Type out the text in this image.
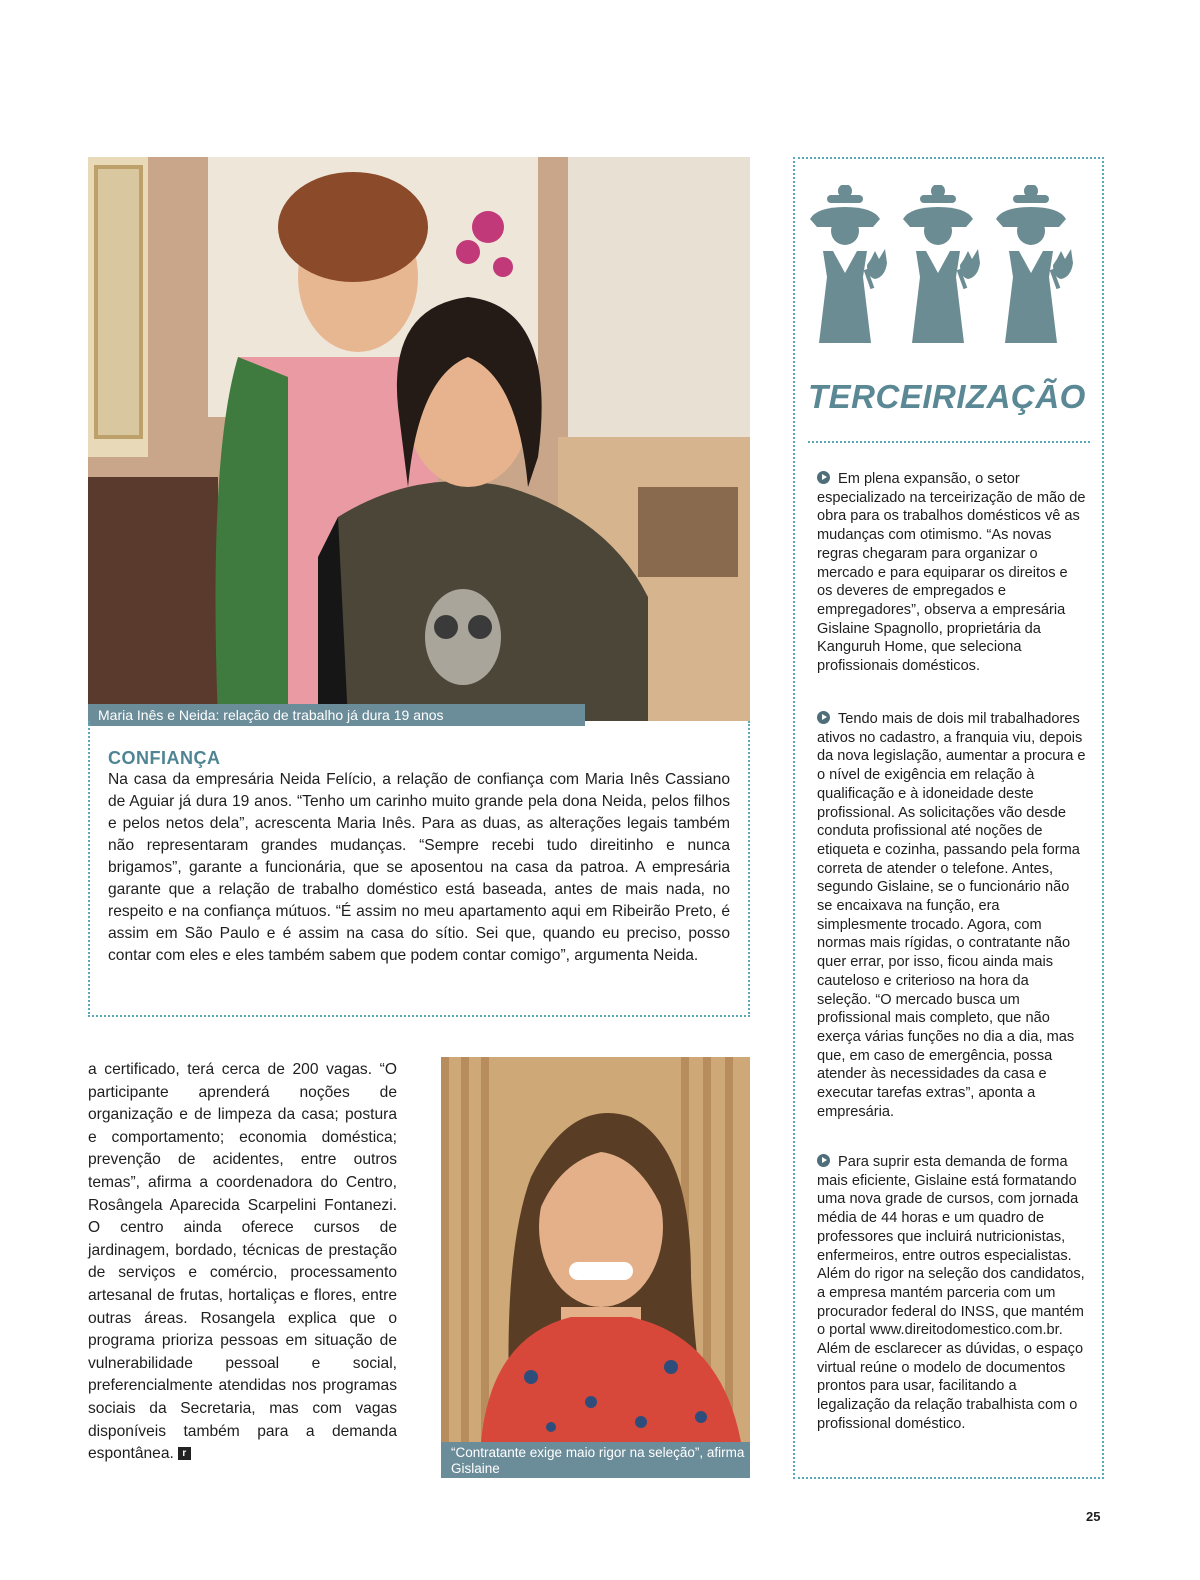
Maria Inês e Neida: relação de trabalho já dura 19 anos
CONFIANÇA

Na casa da empresária Neida Felício, a relação de confiança com Maria Inês Cassiano de Aguiar já dura 19 anos. “Tenho um carinho muito grande pela dona Neida, pelos filhos e pelos netos dela”, acrescenta Maria Inês. Para as duas, as alterações legais também não representaram grandes mudanças. “Sempre recebi tudo direitinho e nunca brigamos”, garante a funcionária, que se aposentou na casa da patroa. A empresária garante que a relação de trabalho doméstico está baseada, antes de mais nada, no respeito e na confiança mútuos. “É assim no meu apartamento aqui em Ribeirão Preto, é assim em São Paulo e é assim na casa do sítio. Sei que, quando eu preciso, posso contar com eles e eles também sabem que podem contar comigo”, argumenta Neida.

a certificado, terá cerca de 200 vagas. “O participante aprenderá noções de organização e de limpeza da casa; postura e comportamento; economia doméstica; prevenção de acidentes, entre outros temas”, afirma a coordenadora do Centro, Rosângela Aparecida Scarpelini Fontanezi. O centro ainda oferece cursos de jardinagem, bordado, técnicas de prestação de serviços e comércio, processamento artesanal de frutas, hortaliças e flores, entre outras áreas. Rosangela explica que o programa prioriza pessoas em situação de vulnerabilidade pessoal e social, preferencialmente atendidas nos programas sociais da Secretaria, mas com vagas disponíveis também para a demanda espontânea. r	“Contratante exige maio rigor na seleção”, afirma Gislaine
TERCEIRIZAÇÃO

Em plena expansão, o setor especializado na terceirização de mão de obra para os trabalhos domésticos vê as mudanças com otimismo. “As novas regras chegaram para organizar o mercado e para equiparar os direitos e os deveres de empregados e empregadores”, observa a empresária Gislaine Spagnollo, proprietária da Kanguruh Home, que seleciona profissionais domésticos.

Tendo mais de dois mil trabalhadores ativos no cadastro, a franquia viu, depois da nova legislação, aumentar a procura e o nível de exigência em relação à qualificação e à idoneidade deste profissional. As solicitações vão desde conduta profissional até noções de etiqueta e cozinha, passando pela forma correta de atender o telefone. Antes, segundo Gislaine, se o funcionário não se encaixava na função, era simplesmente trocado. Agora, com normas mais rígidas, o contratante não quer errar, por isso, ficou ainda mais cauteloso e criterioso na hora da seleção. “O mercado busca um profissional mais completo, que não exerça várias funções no dia a dia, mas que, em caso de emergência, possa atender às necessidades da casa e executar tarefas extras”, aponta a empresária.

Para suprir esta demanda de forma mais eficiente, Gislaine está formatando uma nova grade de cursos, com jornada média de 44 horas e um quadro de professores que incluirá nutricionistas, enfermeiros, entre outros especialistas. Além do rigor na seleção dos candidatos, a empresa mantém parceria com um procurador federal do INSS, que mantém o portal www.direitodomestico.com.br. Além de esclarecer as dúvidas, o espaço virtual reúne o modelo de documentos prontos para usar, facilitando a legalização da relação trabalhista com o profissional doméstico.

25
